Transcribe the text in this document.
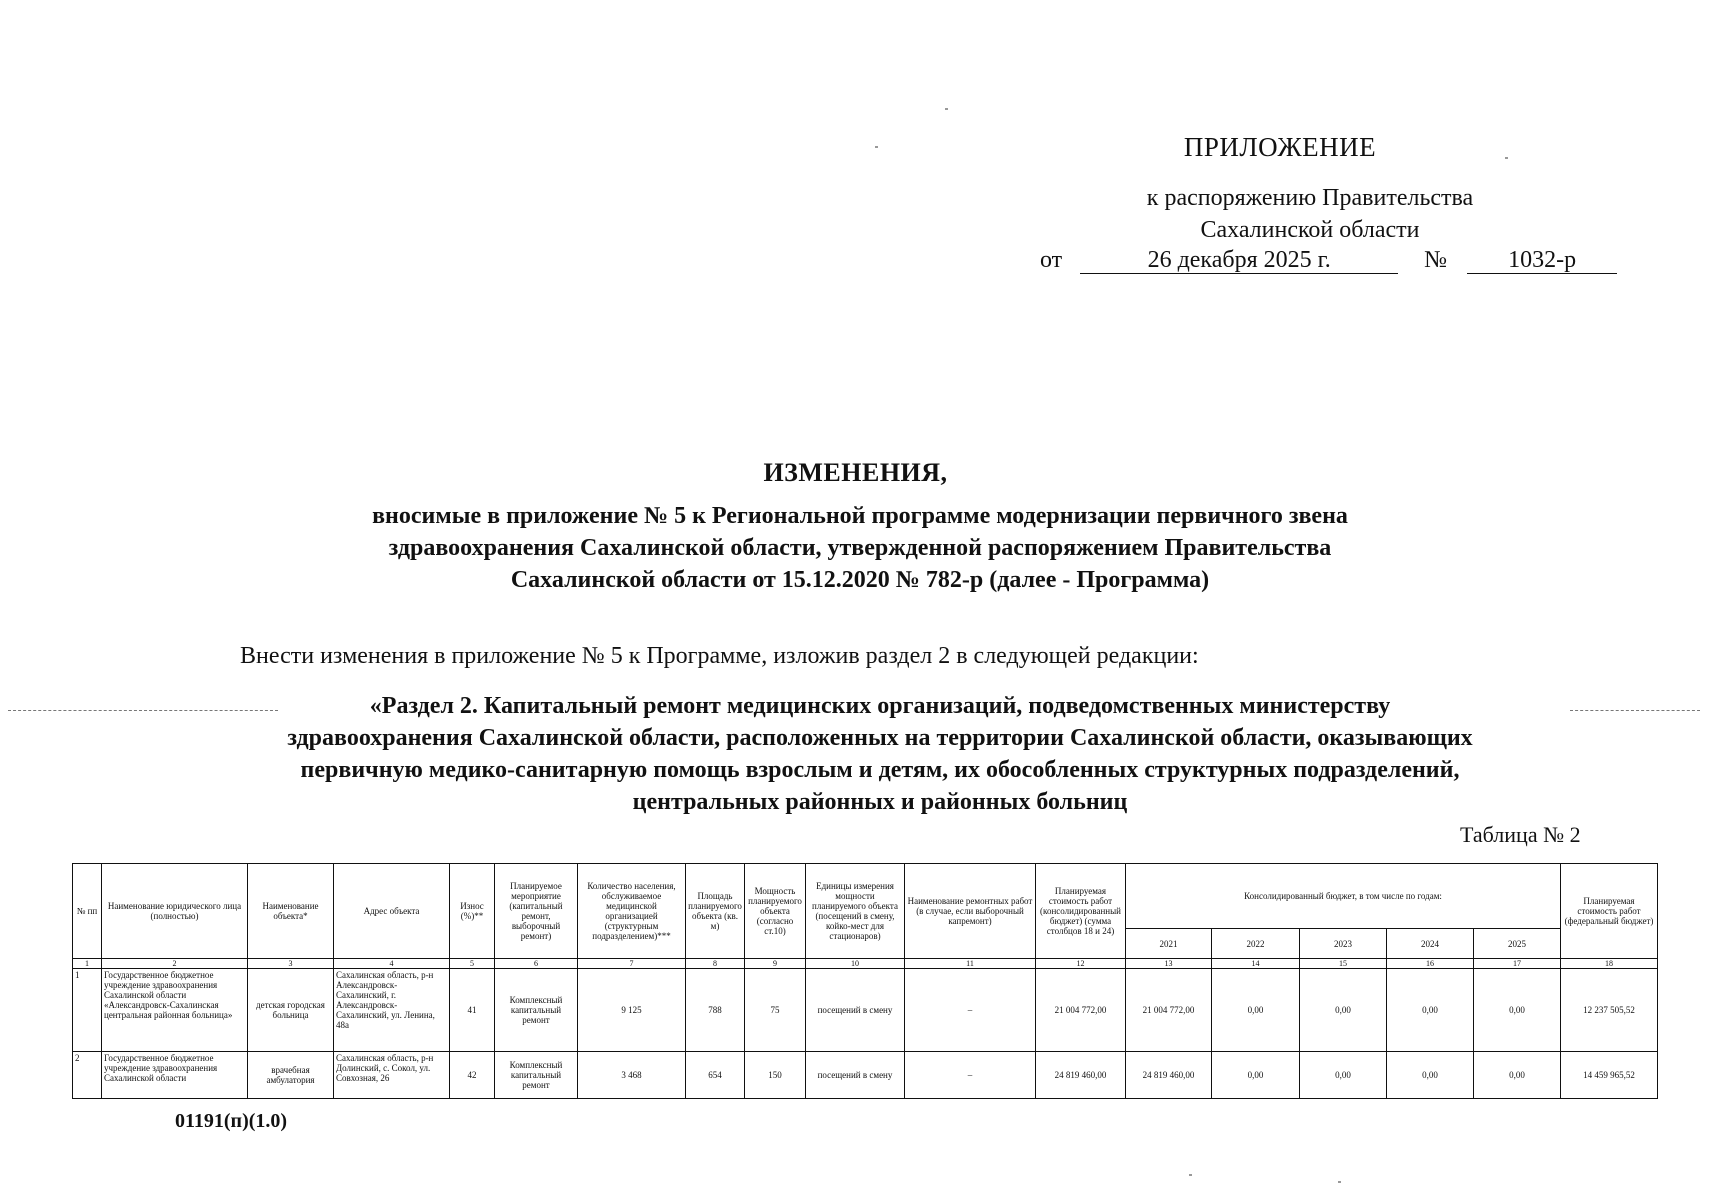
ПРИЛОЖЕНИЕ
к распоряжению Правительства
Сахалинской области
от	26 декабря 2025 г.	№	1032-р
ИЗМЕНЕНИЯ,
вносимые в приложение № 5 к Региональной программе модернизации первичного звена
здравоохранения Сахалинской области, утвержденной распоряжением Правительства
Сахалинской области от 15.12.2020 № 782-р (далее - Программа)
Внести изменения в приложение № 5 к Программе, изложив раздел 2 в следующей редакции:
«Раздел 2. Капитальный ремонт медицинских организаций, подведомственных министерству
здравоохранения Сахалинской области, расположенных на территории Сахалинской области, оказывающих
первичную медико-санитарную помощь взрослым и детям, их обособленных структурных подразделений,
центральных районных и районных больниц
Таблица № 2
№ пп	Наименование юридического лица (полностью)	Наименование объекта*	Адрес объекта	Износ (%)**	Планируемое мероприятие (капитальный ремонт, выборочный ремонт)	Количество населения, обслуживаемое медицинской организацией (структурным подразделением)***	Площадь планируемого объекта (кв. м)	Мощность планируемого объекта (согласно ст.10)	Единицы измерения мощности планируемого объекта (посещений в смену, койко-мест для стационаров)	Наименование ремонтных работ (в случае, если выборочный капремонт)	Планируемая стоимость работ (консолидированный бюджет) (сумма столбцов 18 и 24)	Консолидированный бюджет, в том числе по годам:					Планируемая стоимость работ (федеральный бюджет)
												2021	2022	2023	2024	2025	
1	2	3	4	5	6	7	8	9	10	11	12	13	14	15	16	17	18
1	Государственное бюджетное учреждение здравоохранения Сахалинской области «Александровск-Сахалинская центральная районная больница»	детская городская больница	Сахалинская область, р-н Александровск-Сахалинский, г. Александровск-Сахалинский, ул. Ленина, 48а	41	Комплексный капитальный ремонт	9 125	788	75	посещений в смену	–	21 004 772,00	21 004 772,00	0,00	0,00	0,00	0,00	12 237 505,52
2	Государственное бюджетное учреждение здравоохранения Сахалинской области	врачебная амбулатория	Сахалинская область, р-н Долинский, с. Сокол, ул. Совхозная, 26	42	Комплексный капитальный ремонт	3 468	654	150	посещений в смену	–	24 819 460,00	24 819 460,00	0,00	0,00	0,00	0,00	14 459 965,52
01191(п)(1.0)
